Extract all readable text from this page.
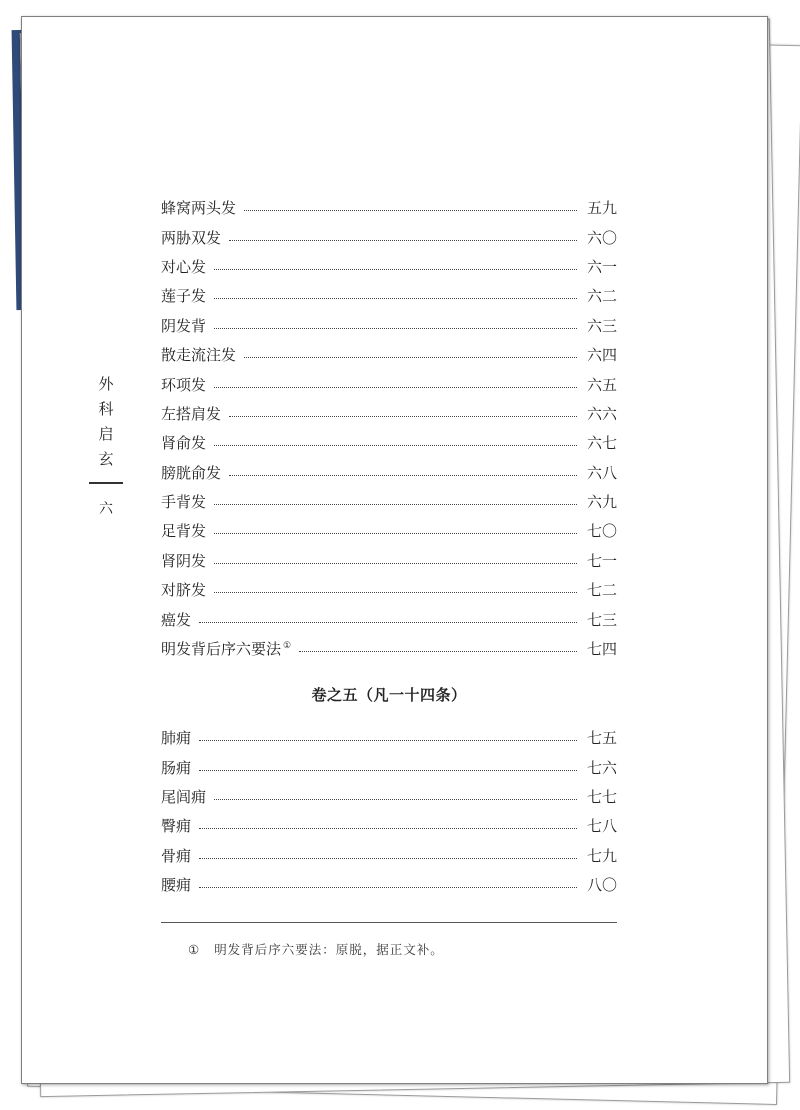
外
科
启
玄
六
蜂窝两头发	五九
两胁双发	六〇
对心发	六一
莲子发	六二
阴发背	六三
散走流注发	六四
环项发	六五
左搭肩发	六六
肾俞发	六七
膀胱俞发	六八
手背发	六九
足背发	七〇
肾阴发	七一
对脐发	七二
癌发	七三
明发背后序六要法 ①	七四
卷之五（凡一十四条）
肺痈	七五
肠痈	七六
尾闾痈	七七
臀痈	七八
骨痈	七九
腰痈	八〇
① 明发背后序六要法：原脱，据正文补。
